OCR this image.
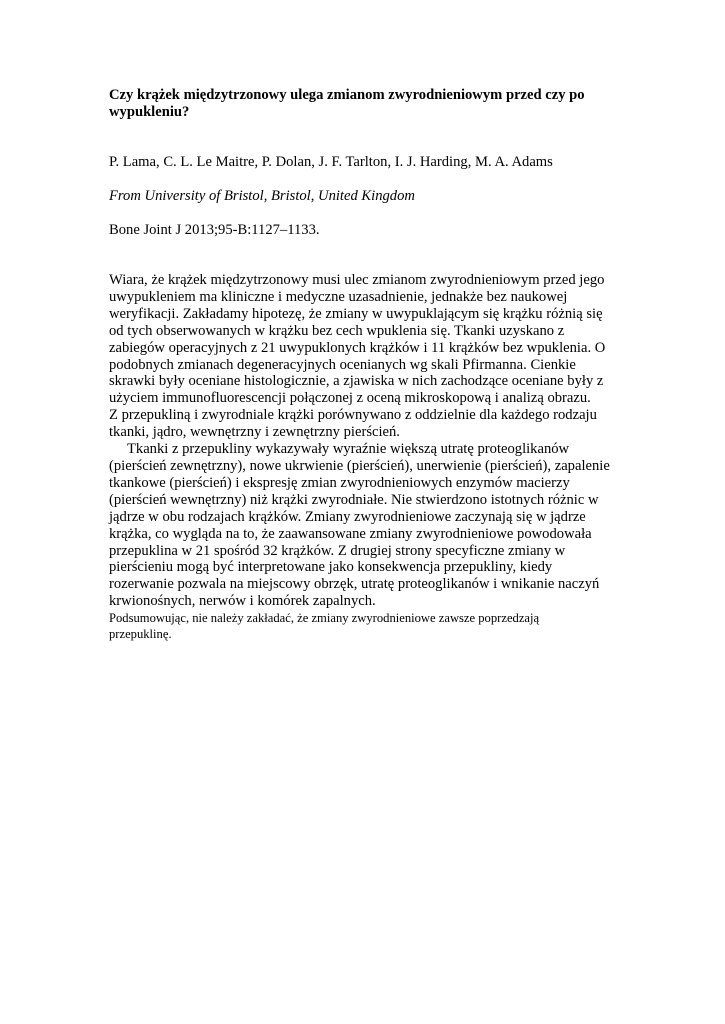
Czy krążek międzytrzonowy ulega zmianom zwyrodnieniowym przed czy po wypukleniu?

P. Lama, C. L. Le Maitre, P. Dolan, J. F. Tarlton, I. J. Harding, M. A. Adams

From University of Bristol, Bristol, United Kingdom

Bone Joint J 2013;95-B:1127–1133.

Wiara, że krążek międzytrzonowy musi ulec zmianom zwyrodnieniowym przed jego
uwypukleniem ma kliniczne i medyczne uzasadnienie, jednakże bez naukowej
weryfikacji. Zakładamy hipotezę, że zmiany w uwypuklającym się krążku różnią się
od tych obserwowanych w krążku bez cech wpuklenia się. Tkanki uzyskano z
zabiegów operacyjnych z 21 uwypuklonych krążków i 11 krążków bez wpuklenia. O
podobnych zmianach degeneracyjnych ocenianych wg skali Pfirmanna. Cienkie
skrawki były oceniane histologicznie, a zjawiska w nich zachodzące oceniane były z
użyciem immunofluorescencji połączonej z oceną mikroskopową i analizą obrazu.
Z przepukliną i zwyrodniale krążki porównywano z oddzielnie dla każdego rodzaju
tkanki, jądro, wewnętrzny i zewnętrzny pierścień.
Tkanki z przepukliny wykazywały wyraźnie większą utratę proteoglikanów
(pierścień zewnętrzny), nowe ukrwienie (pierścień), unerwienie (pierścień), zapalenie
tkankowe (pierścień) i ekspresję zmian zwyrodnieniowych enzymów macierzy
(pierścień wewnętrzny) niż krążki zwyrodniałe. Nie stwierdzono istotnych różnic w
jądrze w obu rodzajach krążków. Zmiany zwyrodnieniowe zaczynają się w jądrze
krążka, co wygląda na to, że zaawansowane zmiany zwyrodnieniowe powodowała
przepuklina w 21 spośród 32 krążków. Z drugiej strony specyficzne zmiany w
pierścieniu mogą być interpretowane jako konsekwencja przepukliny, kiedy
rozerwanie pozwala na miejscowy obrzęk, utratę proteoglikanów i wnikanie naczyń
krwionośnych, nerwów i komórek zapalnych.
Podsumowując, nie należy zakładać, że zmiany zwyrodnieniowe zawsze poprzedzają
przepuklinę.
